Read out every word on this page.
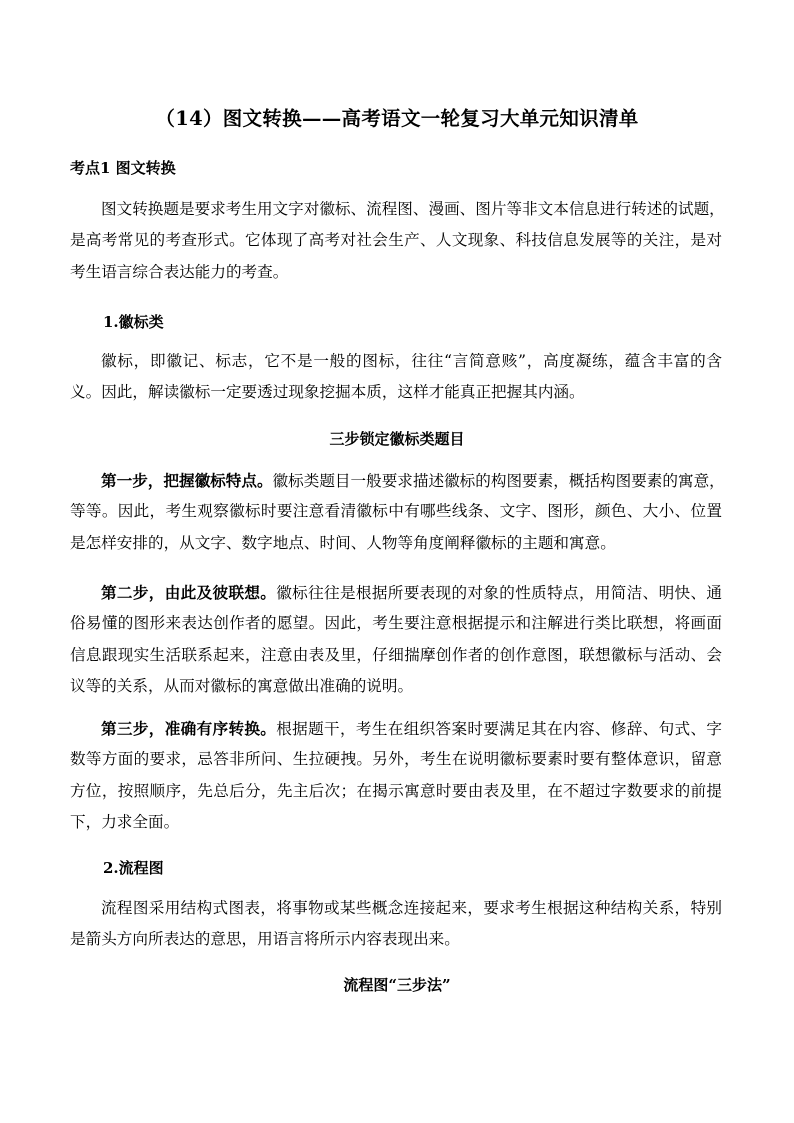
（14）图文转换——高考语文一轮复习大单元知识清单
考点1 图文转换
图文转换题是要求考生用文字对徽标、流程图、漫画、图片等非文本信息进行转述的试题，
是高考常见的考查形式。它体现了高考对社会生产、人文现象、科技信息发展等的关注，是对
考生语言综合表达能力的考查。
1.徽标类
徽标，即徽记、标志，它不是一般的图标，往往“言简意赅”，高度凝练，蕴含丰富的含
义。因此，解读徽标一定要透过现象挖掘本质，这样才能真正把握其内涵。
三步锁定徽标类题目
第一步，把握徽标特点。徽标类题目一般要求描述徽标的构图要素，概括构图要素的寓意，
等等。因此，考生观察徽标时要注意看清徽标中有哪些线条、文字、图形，颜色、大小、位置
是怎样安排的，从文字、数字地点、时间、人物等角度阐释徽标的主题和寓意。
第二步，由此及彼联想。徽标往往是根据所要表现的对象的性质特点，用简洁、明快、通
俗易懂的图形来表达创作者的愿望。因此，考生要注意根据提示和注解进行类比联想，将画面
信息跟现实生活联系起来，注意由表及里，仔细揣摩创作者的创作意图，联想徽标与活动、会
议等的关系，从而对徽标的寓意做出准确的说明。
第三步，准确有序转换。根据题干，考生在组织答案时要满足其在内容、修辞、句式、字
数等方面的要求，忌答非所问、生拉硬拽。另外，考生在说明徽标要素时要有整体意识，留意
方位，按照顺序，先总后分，先主后次；在揭示寓意时要由表及里，在不超过字数要求的前提
下，力求全面。
2.流程图
流程图采用结构式图表，将事物或某些概念连接起来，要求考生根据这种结构关系，特别
是箭头方向所表达的意思，用语言将所示内容表现出来。
流程图“三步法”
